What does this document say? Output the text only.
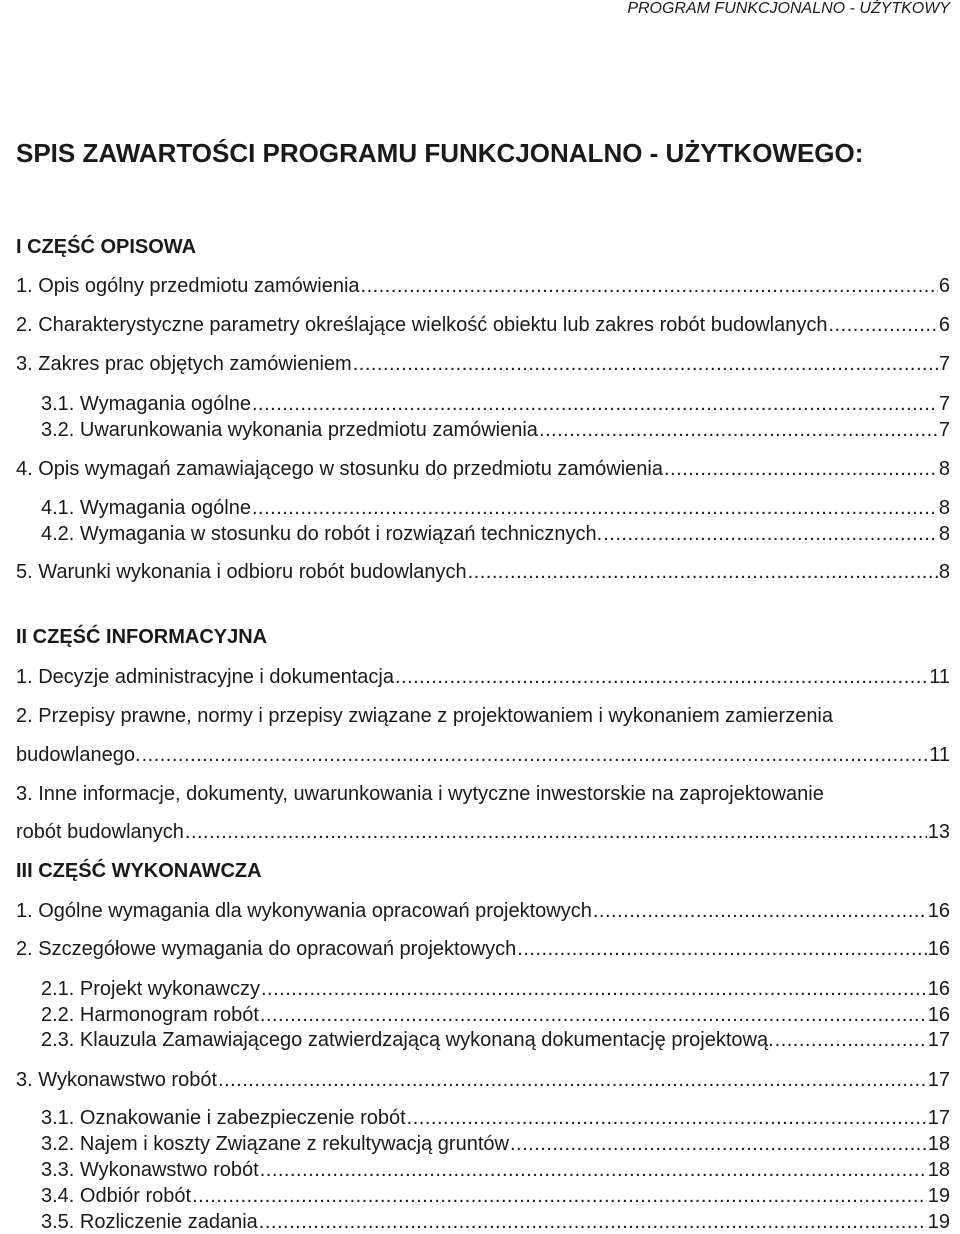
PROGRAM FUNKCJONALNO - UŻYTKOWY
SPIS ZAWARTOŚCI PROGRAMU FUNKCJONALNO - UŻYTKOWEGO:
I CZĘŚĆ OPISOWA
1. Opis ogólny przedmiotu zamówienia .....	6
2. Charakterystyczne parametry określające wielkość obiektu lub zakres robót budowlanych .....	6
3. Zakres prac objętych zamówieniem .....	7
3.1. Wymagania ogólne .....	7
3.2. Uwarunkowania wykonania przedmiotu zamówienia .....	7
4. Opis wymagań zamawiającego w stosunku do przedmiotu zamówienia .....	8
4.1. Wymagania ogólne .....	8
4.2. Wymagania w stosunku do robót i rozwiązań technicznych. .....	8
5. Warunki wykonania i odbioru robót budowlanych .....	8
II CZĘŚĆ INFORMACYJNA
1. Decyzje administracyjne i dokumentacja .....	11
2. Przepisy prawne, normy i przepisy związane z projektowaniem i wykonaniem zamierzenia
budowlanego. .....	11
3. Inne informacje, dokumenty, uwarunkowania i wytyczne inwestorskie na zaprojektowanie
robót budowlanych .....	13
III CZĘŚĆ WYKONAWCZA
1. Ogólne wymagania dla wykonywania opracowań projektowych .....	16
2. Szczegółowe wymagania do opracowań projektowych .....	16
2.1. Projekt wykonawczy .....	16
2.2. Harmonogram robót .....	16
2.3. Klauzula Zamawiającego zatwierdzającą wykonaną dokumentację projektową. .....	17
3. Wykonawstwo robót .....	17
3.1. Oznakowanie i zabezpieczenie robót .....	17
3.2. Najem i koszty Związane z rekultywacją gruntów .....	18
3.3. Wykonawstwo robót .....	18
3.4. Odbiór robót .....	19
3.5. Rozliczenie zadania .....	19
